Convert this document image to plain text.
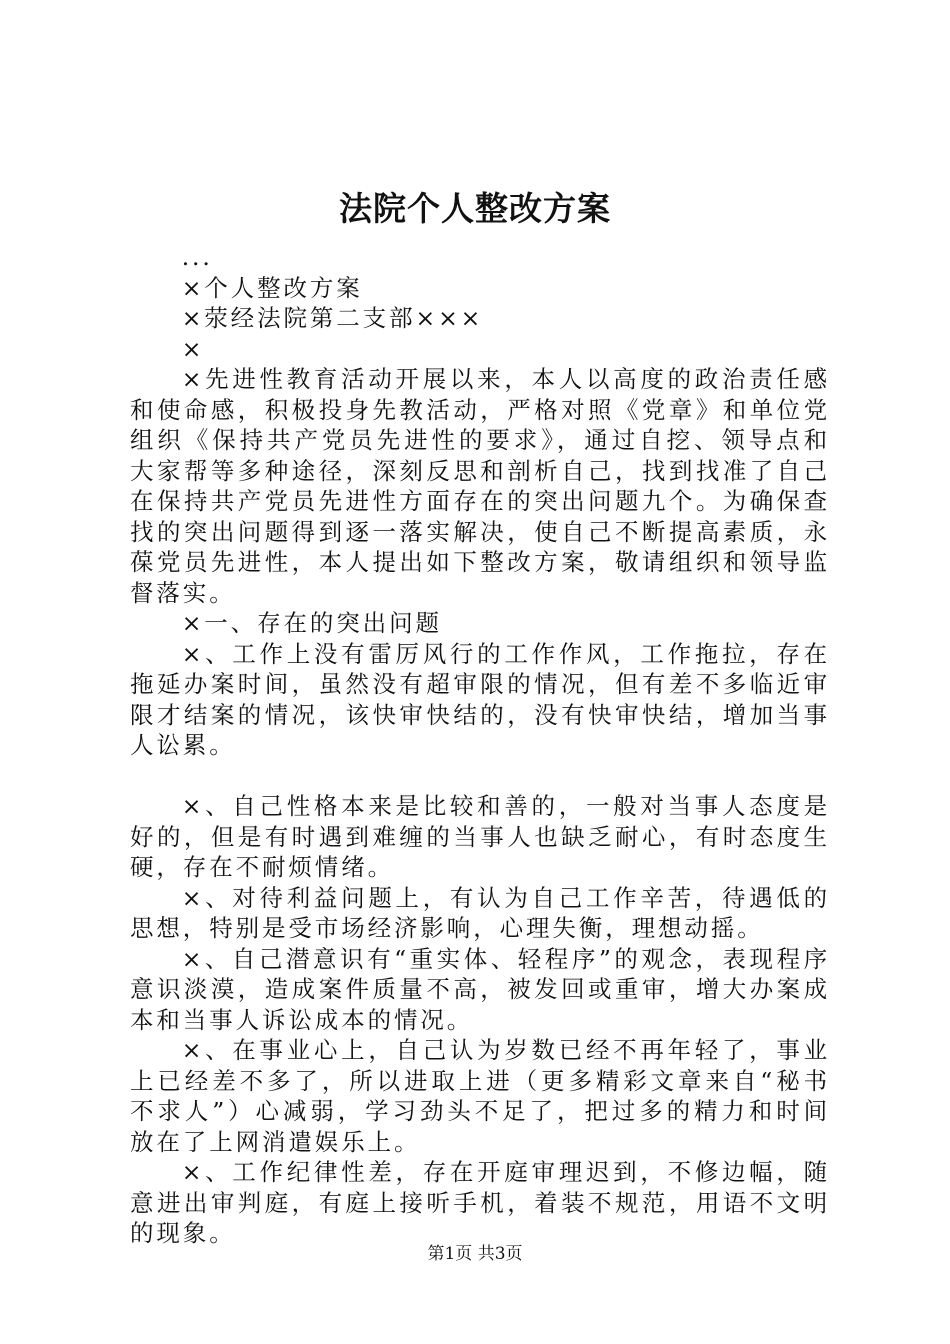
法院个人整改方案

...

×个人整改方案

×荥经法院第二支部×××

×

×先进性教育活动开展以来，本人以高度的政治责任感和使命感，积极投身先教活动，严格对照《党章》和单位党组织《保持共产党员先进性的要求》，通过自挖、领导点和大家帮等多种途径，深刻反思和剖析自己，找到找准了自己在保持共产党员先进性方面存在的突出问题九个。为确保查找的突出问题得到逐一落实解决，使自己不断提高素质，永葆党员先进性，本人提出如下整改方案，敬请组织和领导监督落实。

×一、存在的突出问题

×、工作上没有雷厉风行的工作作风，工作拖拉，存在拖延办案时间，虽然没有超审限的情况，但有差不多临近审限才结案的情况，该快审快结的，没有快审快结，增加当事人讼累。

×、自己性格本来是比较和善的，一般对当事人态度是好的，但是有时遇到难缠的当事人也缺乏耐心，有时态度生硬，存在不耐烦情绪。

×、对待利益问题上，有认为自己工作辛苦，待遇低的思想，特别是受市场经济影响，心理失衡，理想动摇。

×、自己潜意识有“重实体、轻程序”的观念，表现程序意识淡漠，造成案件质量不高，被发回或重审，增大办案成本和当事人诉讼成本的情况。

×、在事业心上，自己认为岁数已经不再年轻了，事业上已经差不多了，所以进取上进（更多精彩文章来自“秘书不求人”）心减弱，学习劲头不足了，把过多的精力和时间放在了上网消遣娱乐上。

×、工作纪律性差，存在开庭审理迟到，不修边幅，随意进出审判庭，有庭上接听手机，着装不规范，用语不文明的现象。

第1页 共3页
